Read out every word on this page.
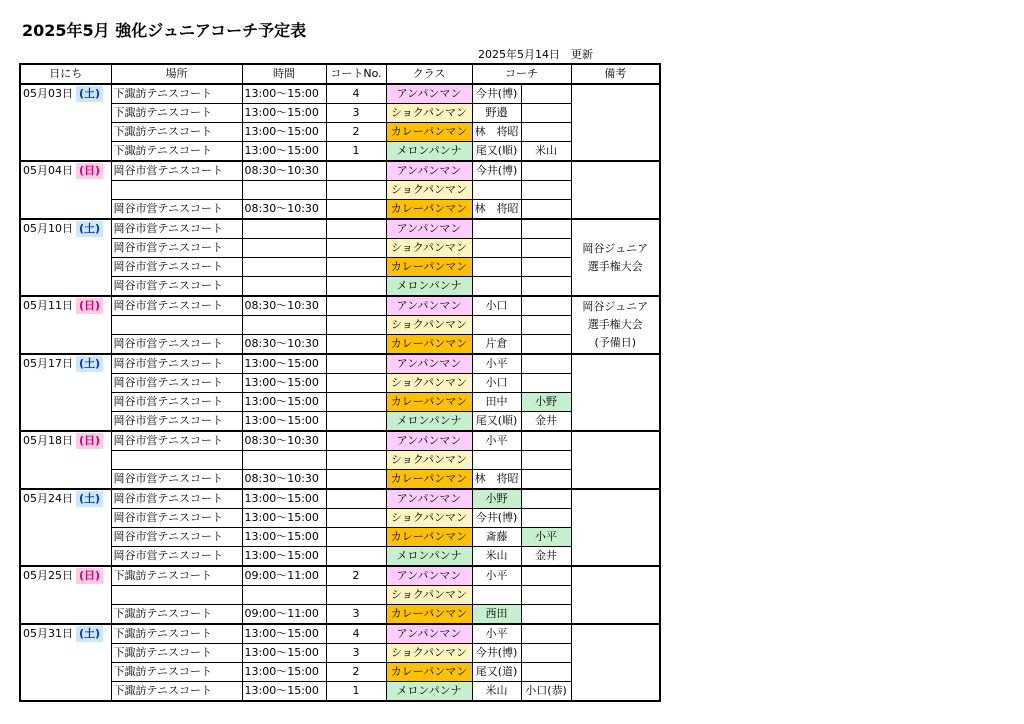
2025年5月 強化ジュニアコーチ予定表
2025年5月14日　更新
日にち	場所	時間	コートNo.	クラス	コーチ		備考
05月03日 (土)	下諏訪テニスコート	13:00～15:00	4	アンパンマン	今井(博)		
	下諏訪テニスコート	13:00～15:00	3	ショクパンマン	野邉		
	下諏訪テニスコート	13:00～15:00	2	カレーパンマン	林　将昭		
	下諏訪テニスコート	13:00～15:00	1	メロンパンナ	尾又(順)	米山	
05月04日 (日)	岡谷市営テニスコート	08:30～10:30		アンパンマン	今井(博)		
				ショクパンマン			
	岡谷市営テニスコート	08:30～10:30		カレーパンマン	林　将昭		
05月10日 (土)	岡谷市営テニスコート			アンパンマン			岡谷ジュニア
選手権大会

	岡谷市営テニスコート			ショクパンマン			
	岡谷市営テニスコート			カレーパンマン			
	岡谷市営テニスコート			メロンパンナ			
05月11日 (日)	岡谷市営テニスコート	08:30～10:30		アンパンマン	小口		岡谷ジュニア
選手権大会
(予備日)

				ショクパンマン			
	岡谷市営テニスコート	08:30～10:30		カレーパンマン	片倉		
05月17日 (土)	岡谷市営テニスコート	13:00～15:00		アンパンマン	小平		
	岡谷市営テニスコート	13:00～15:00		ショクパンマン	小口		
	岡谷市営テニスコート	13:00～15:00		カレーパンマン	田中	小野	
	岡谷市営テニスコート	13:00～15:00		メロンパンナ	尾又(順)	金井	
05月18日 (日)	岡谷市営テニスコート	08:30～10:30		アンパンマン	小平		
				ショクパンマン			
	岡谷市営テニスコート	08:30～10:30		カレーパンマン	林　将昭		
05月24日 (土)	岡谷市営テニスコート	13:00～15:00		アンパンマン	小野		
	岡谷市営テニスコート	13:00～15:00		ショクパンマン	今井(博)		
	岡谷市営テニスコート	13:00～15:00		カレーパンマン	斎藤	小平	
	岡谷市営テニスコート	13:00～15:00		メロンパンナ	米山	金井	
05月25日 (日)	下諏訪テニスコート	09:00～11:00	2	アンパンマン	小平		
				ショクパンマン			
	下諏訪テニスコート	09:00～11:00	3	カレーパンマン	西田		
05月31日 (土)	下諏訪テニスコート	13:00～15:00	4	アンパンマン	小平		
	下諏訪テニスコート	13:00～15:00	3	ショクパンマン	今井(博)		
	下諏訪テニスコート	13:00～15:00	2	カレーパンマン	尾又(道)		
	下諏訪テニスコート	13:00～15:00	1	メロンパンナ	米山	小口(恭)	
